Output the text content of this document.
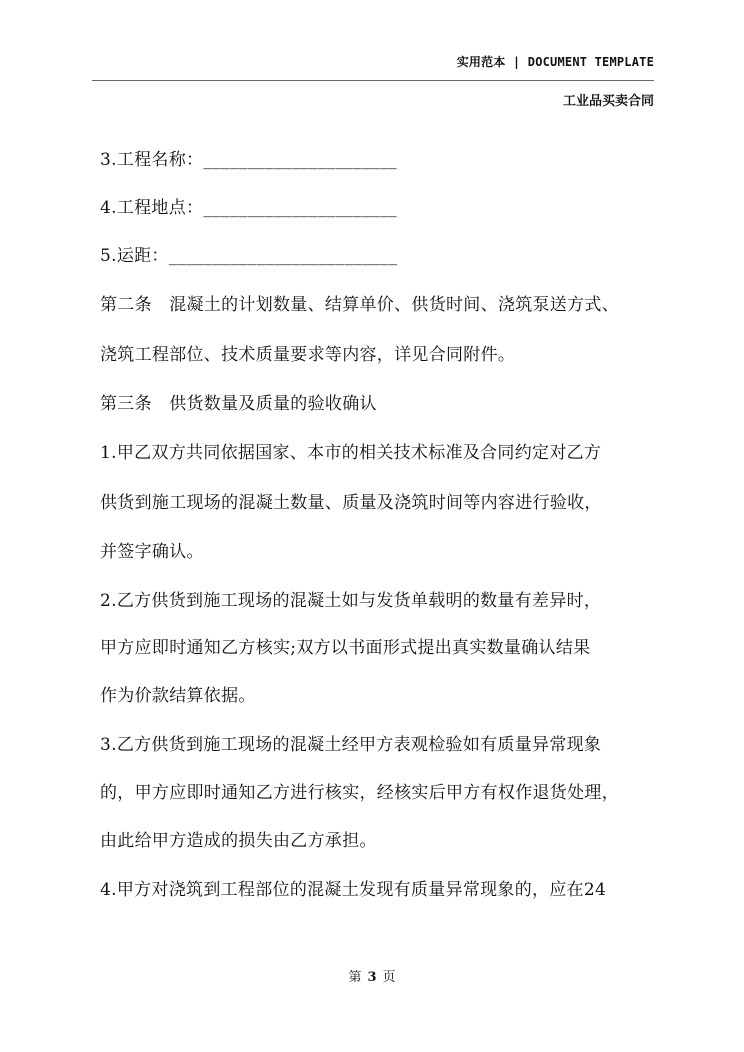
实用范本 | DOCUMENT TEMPLATE
工业品买卖合同
3.工程名称：______________________
4.工程地点：______________________
5.运距：__________________________
第二条　混凝土的计划数量、结算单价、供货时间、浇筑泵送方式、
浇筑工程部位、技术质量要求等内容，详见合同附件。
第三条　供货数量及质量的验收确认
1.甲乙双方共同依据国家、本市的相关技术标准及合同约定对乙方
供货到施工现场的混凝土数量、质量及浇筑时间等内容进行验收，
并签字确认。
2.乙方供货到施工现场的混凝土如与发货单载明的数量有差异时，
甲方应即时通知乙方核实;双方以书面形式提出真实数量确认结果
作为价款结算依据。
3.乙方供货到施工现场的混凝土经甲方表观检验如有质量异常现象
的，甲方应即时通知乙方进行核实，经核实后甲方有权作退货处理，
由此给甲方造成的损失由乙方承担。
4.甲方对浇筑到工程部位的混凝土发现有质量异常现象的，应在24
第 3 页
